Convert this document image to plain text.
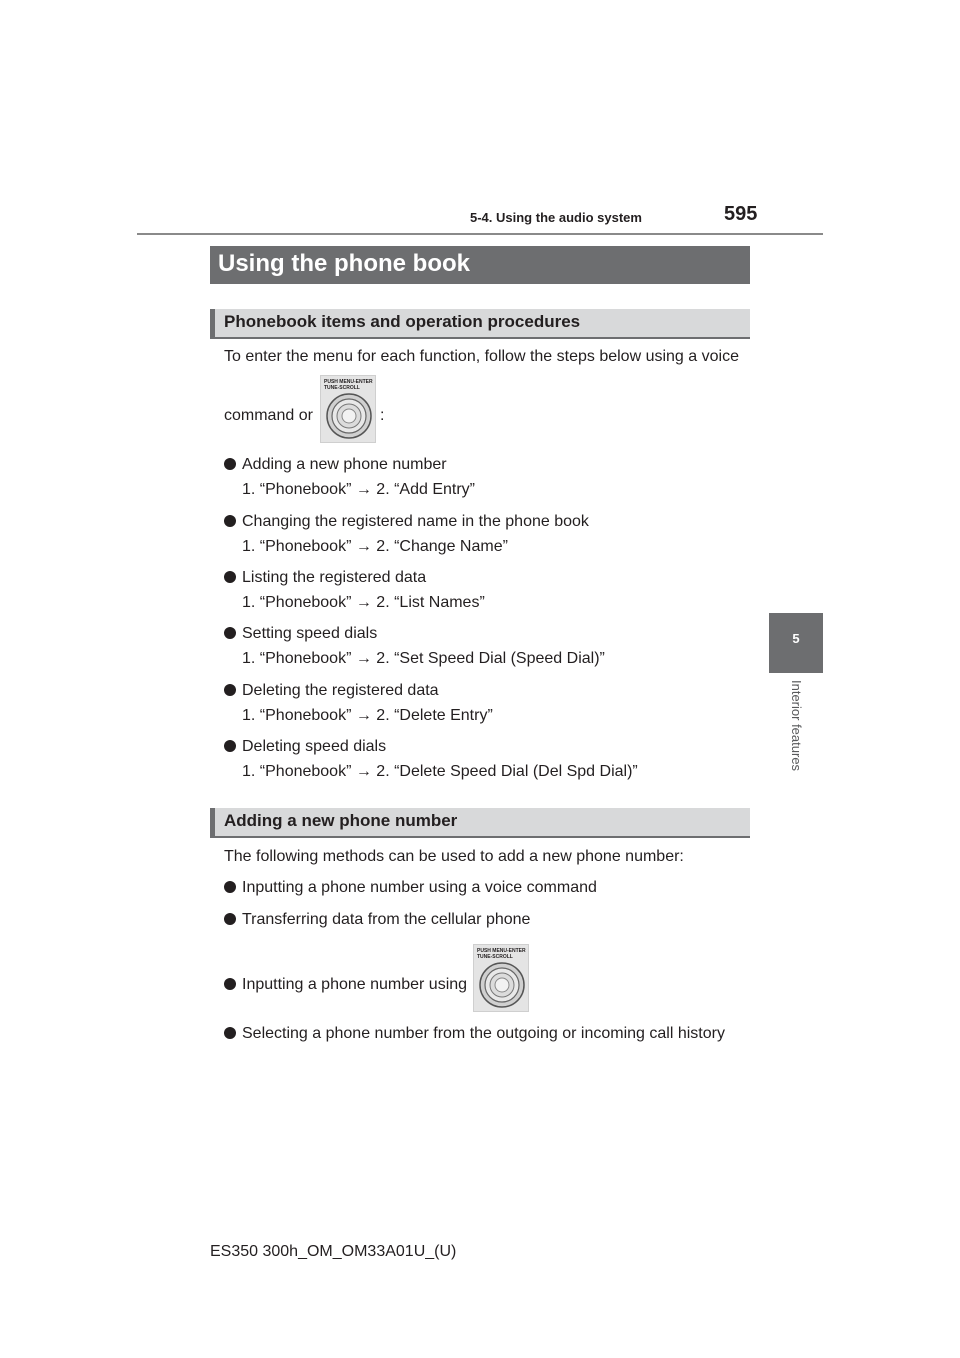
5-4. Using the audio system	595
5
Interior features
Using the phone book
Phonebook items and operation procedures
To enter the menu for each function, follow the steps below using a voice
command or
PUSH MENU-ENTER
TUNE-SCROLL
:
Adding a new phone number
1. “Phonebook” → 2. “Add Entry”
Changing the registered name in the phone book
1. “Phonebook” → 2. “Change Name”
Listing the registered data
1. “Phonebook” → 2. “List Names”
Setting speed dials
1. “Phonebook” → 2. “Set Speed Dial (Speed Dial)”
Deleting the registered data
1. “Phonebook” → 2. “Delete Entry”
Deleting speed dials
1. “Phonebook” → 2. “Delete Speed Dial (Del Spd Dial)”
Adding a new phone number
The following methods can be used to add a new phone number:
Inputting a phone number using a voice command
Transferring data from the cellular phone
Inputting a phone number using
PUSH MENU-ENTER
TUNE-SCROLL
Selecting a phone number from the outgoing or incoming call history
ES350 300h_OM_OM33A01U_(U)
